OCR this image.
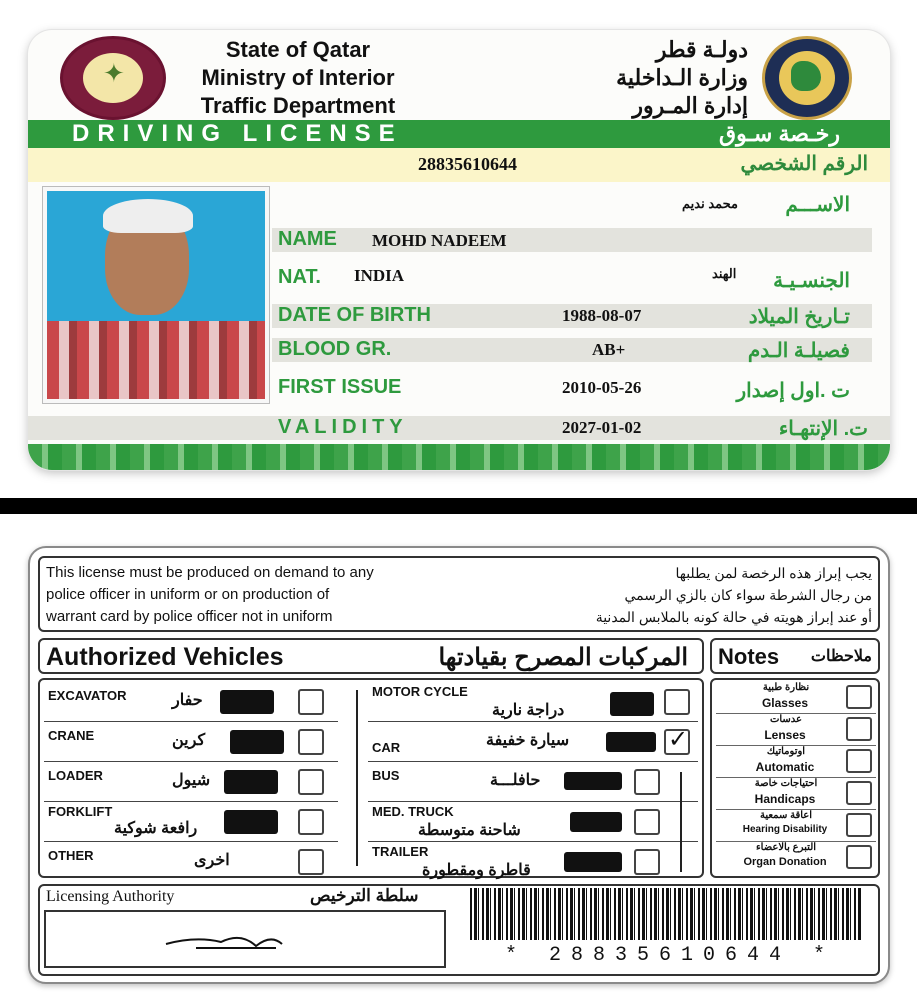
✦
State of Qatar
Ministry of Interior
Traffic Department
دولـة قطر
وزارة الـداخلية
إدارة المـرور
DRIVING LICENSE	رخـصة سـوق
28835610644	الرقم الشخصي
محمد نديم الاســـم
NAME MOHD NADEEM
NAT. INDIA	الهند الجنسـيـة
DATE OF BIRTH	1988-08-07	تـاريخ الميلاد
BLOOD GR.	AB+	فصيلـة الـدم
FIRST ISSUE	2010-05-26	ت .اول إصدار
VALIDITY	2027-01-02	ت. الإنتهـاء
This license must be produced on demand to any
police officer in uniform or on production of
warrant card by police officer not in uniform
يجب إبراز هذه الرخصة لمن يطلبها
من رجال الشرطة سواء كان بالزي الرسمي
أو عند إبراز هويته في حالة كونه بالملابس المدنية
Authorized Vehicles	المركبات المصرح بقيادتها Notes ملاحظات
EXCAVATOR	حفار
CRANE	كرين
LOADER	شيول
FORKLIFT
رافعة شوكية
OTHER	اخرى
MOTOR CYCLE
دراجة نارية
CAR	سيارة خفيفة	✓
BUS	حافلـــة
MED. TRUCK
شاحنة متوسطة
TRAILER
قاطرة ومقطورة
نظارة طبية
Glasses
عدسات
Lenses
اوتوماتيك
Automatic
احتياجات خاصة
Handicaps
اعاقة سمعية
Hearing Disability
التبرع بالاعضاء
Organ Donation
Licensing Authority	سلطة الترخيص
* 28835610644 *
